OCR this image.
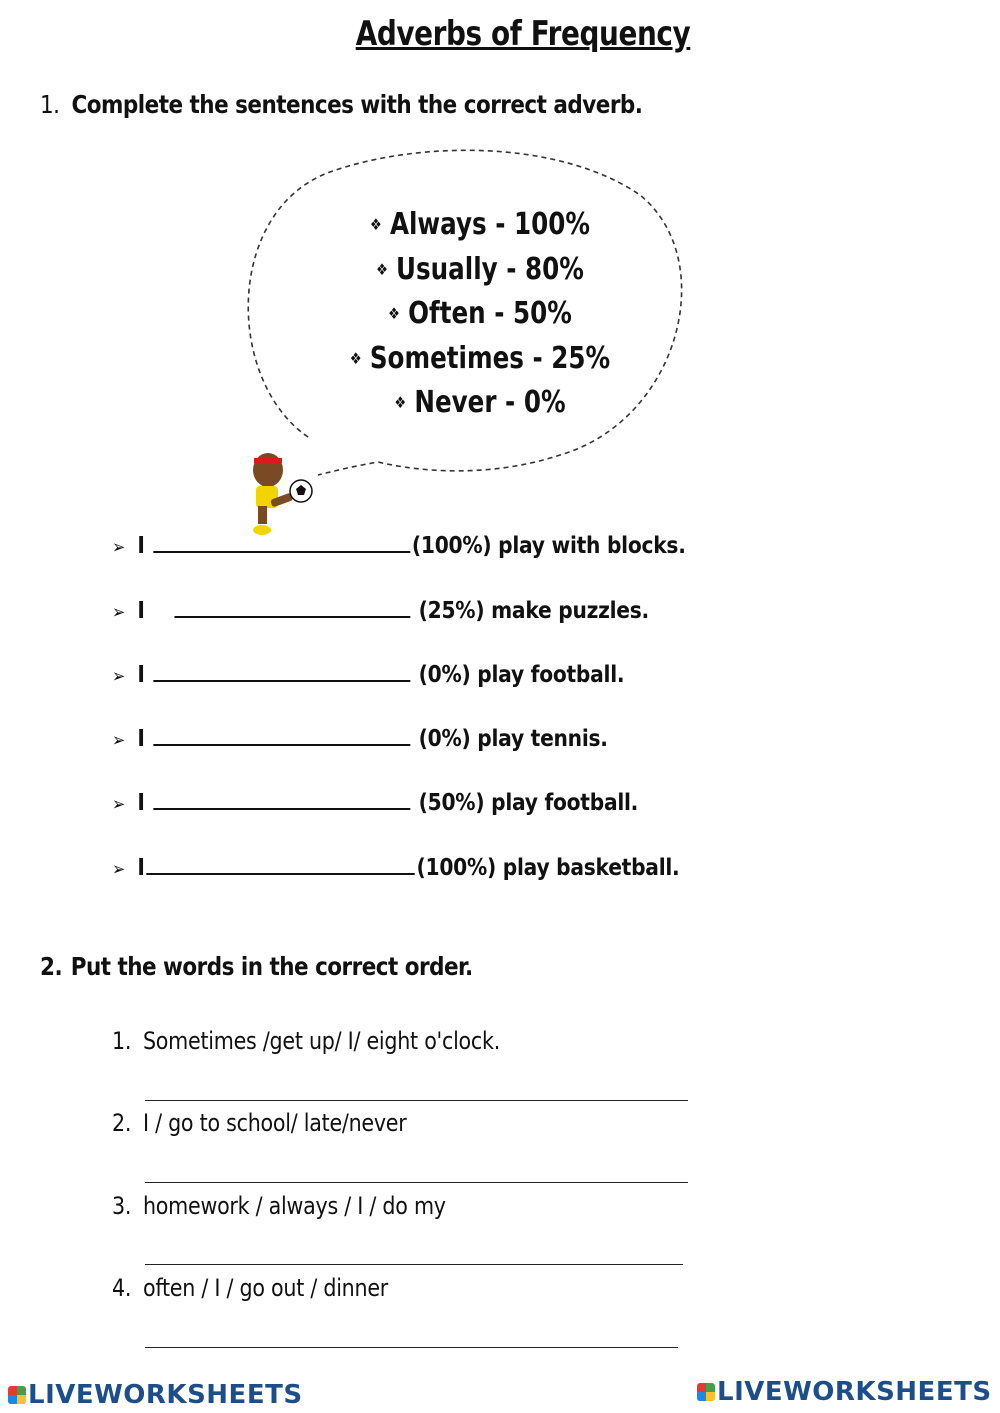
Adverbs of Frequency
1. Complete the sentences with the correct adverb.
❖ Always - 100%
❖ Usually - 80%
❖ Often - 50%
❖ Sometimes - 25%
❖ Never - 0%
➢ I	(100%) play with blocks.
➢ I	(25%) make puzzles.
➢ I	(0%) play football.
➢ I	(0%) play tennis.
➢ I	(50%) play football.
➢ I	(100%) play basketball.
2. Put the words in the correct order.
1. Sometimes /get up/ I/ eight o'clock.
2. I / go to school/ late/never
3. homework / always / I / do my
4. often / I / go out / dinner
LIVEWORKSHEETS	LIVEWORKSHEETS
